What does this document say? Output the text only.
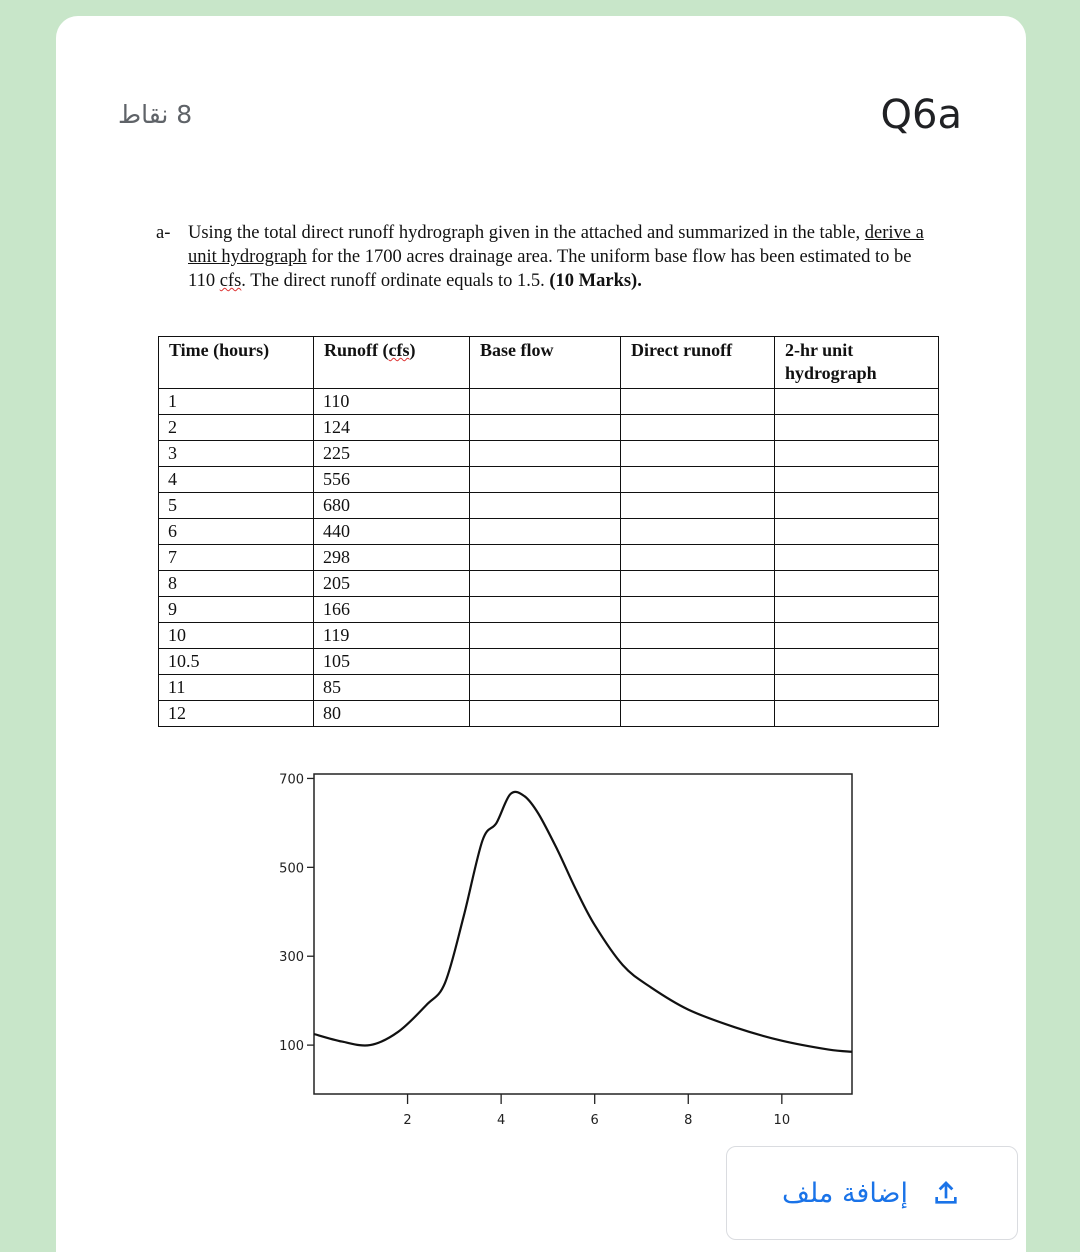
8 نقاط	Q6a
a- Using the total direct runoff hydrograph given in the attached and summarized in the table, derive a unit hydrograph for the 1700 acres drainage area. The uniform base flow has been estimated to be 110 cfs. The direct runoff ordinate equals to 1.5. (10 Marks).
Time (hours)	Runoff (cfs)	Base flow	Direct runoff	2-hr unit hydrograph
1	110			
2	124			
3	225			
4	556			
5	680			
6	440			
7	298			
8	205			
9	166			
10	119			
10.5	105			
11	85			
12	80			
100
300
500
700
2	4	6	8	10
إضافة ملف
